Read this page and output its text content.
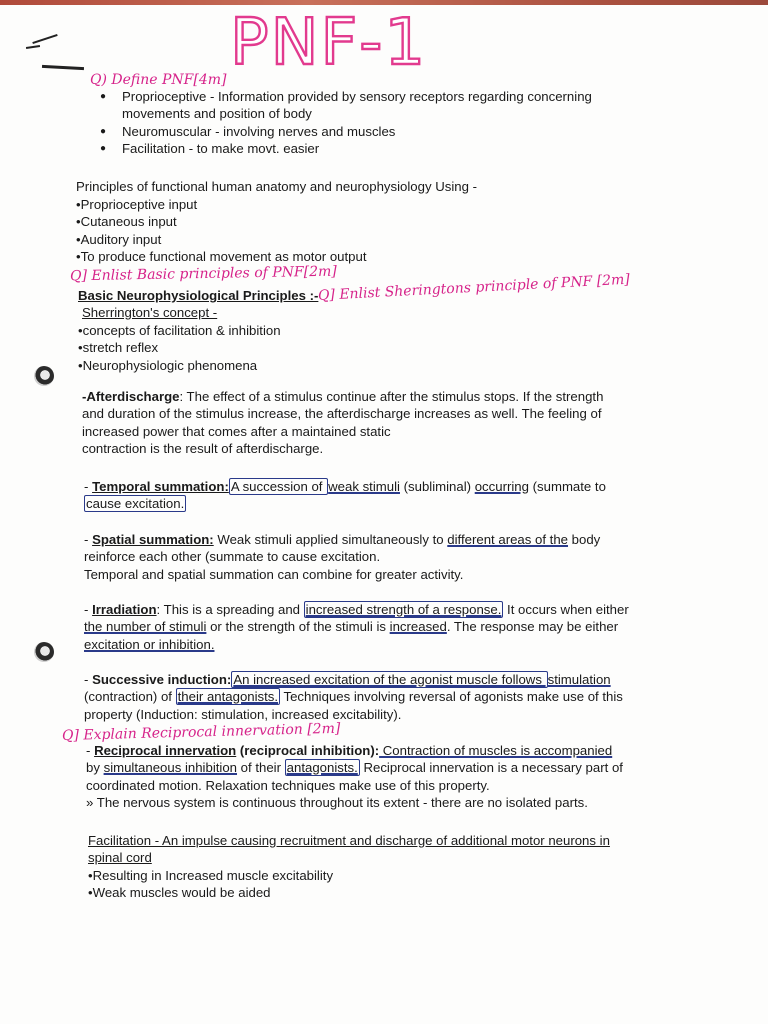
PNF-1
Q) Define PNF[4m]
● Proprioceptive - Information provided by sensory receptors regarding concerning
movements and position of body
● Neuromuscular - involving nerves and muscles
● Facilitation - to make movt. easier
Principles of functional human anatomy and neurophysiology Using -
• Proprioceptive input
• Cutaneous input
• Auditory input
• To produce functional movement as motor output
Q] Enlist Basic principles of PNF[2m]
Basic Neurophysiological Principles :- Q] Enlist Sheringtons principle of PNF [2m]
Sherrington's concept -
• concepts of facilitation & inhibition
• stretch reflex
• Neurophysiologic phenomena
-Afterdischarge: The effect of a stimulus continue after the stimulus stops. If the strength
and duration of the stimulus increase, the afterdischarge increases as well. The feeling of
increased power that comes after a maintained static
contraction is the result of afterdischarge.
- Temporal summation: A succession of weak stimuli (subliminal) occurring (summate to
cause excitation.
- Spatial summation: Weak stimuli applied simultaneously to different areas of the body
reinforce each other (summate to cause excitation.
Temporal and spatial summation can combine for greater activity.
- Irradiation: This is a spreading and increased strength of a response. It occurs when either
the number of stimuli or the strength of the stimuli is increased. The response may be either
excitation or inhibition.
- Successive induction: An increased excitation of the agonist muscle follows stimulation
(contraction) of their antagonists. Techniques involving reversal of agonists make use of this
property (Induction: stimulation, increased excitability).
Q] Explain Reciprocal innervation [2m]
- Reciprocal innervation (reciprocal inhibition): Contraction of muscles is accompanied
by simultaneous inhibition of their antagonists. Reciprocal innervation is a necessary part of
coordinated motion. Relaxation techniques make use of this property.
» The nervous system is continuous throughout its extent - there are no isolated parts.
Facilitation - An impulse causing recruitment and discharge of additional motor neurons in
spinal cord
• Resulting in Increased muscle excitability
• Weak muscles would be aided
